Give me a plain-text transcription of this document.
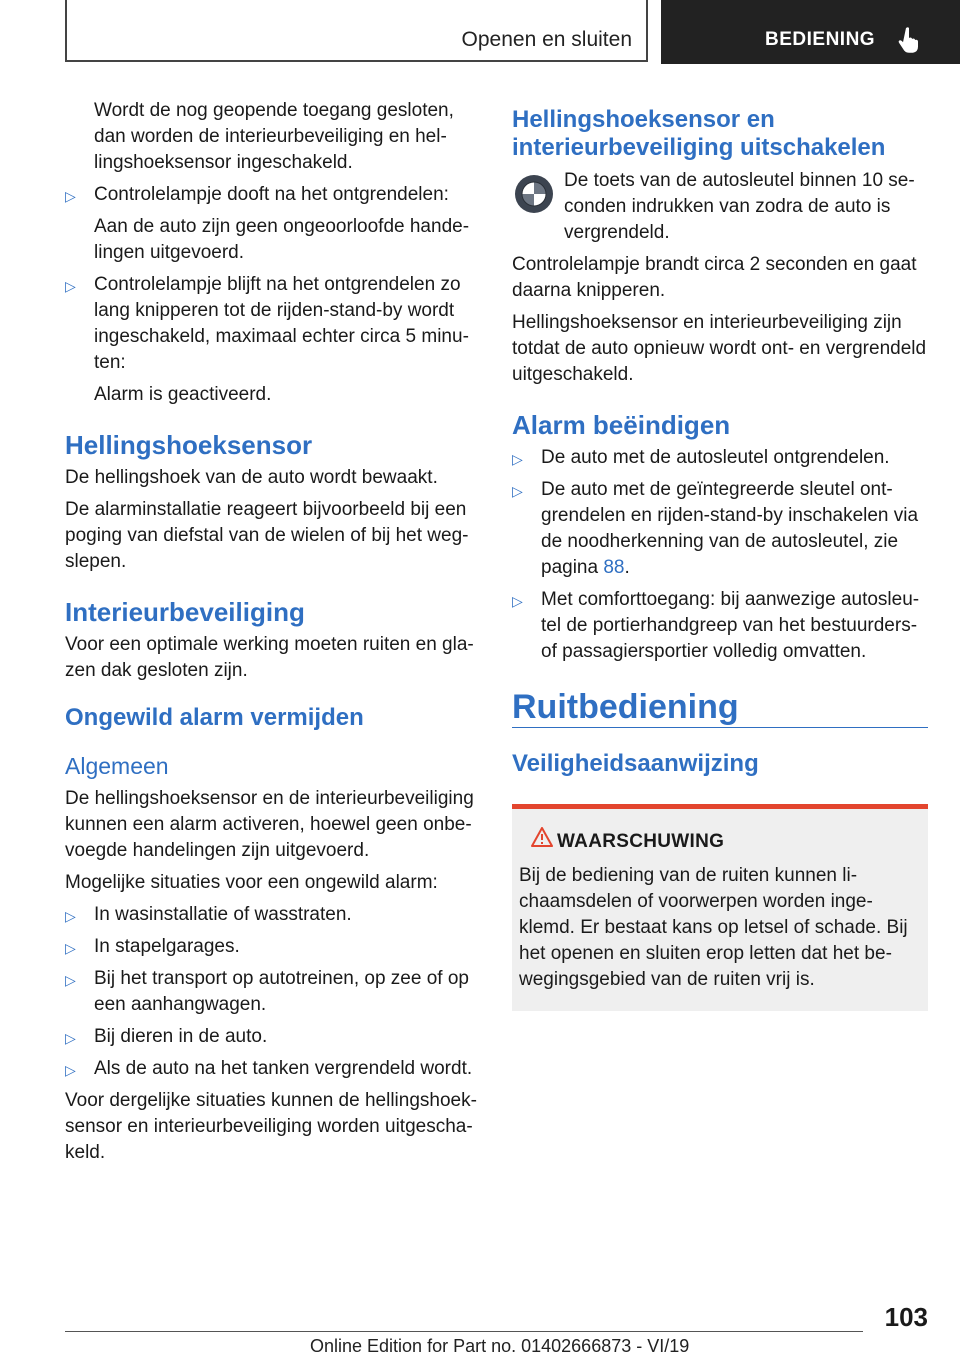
Openen en sluiten	BEDIENING

Wordt de nog geopende toegang gesloten, dan worden de interieurbeveiliging en hellingshoeksensor ingeschakeld.

▷ Controlelampje dooft na het ontgrendelen:

Aan de auto zijn geen ongeoorloofde handelingen uitgevoerd.

▷ Controlelampje blijft na het ontgrendelen zo lang knipperen tot de rijden-stand-by wordt ingeschakeld, maximaal echter circa 5 minuten:

Alarm is geactiveerd.

Hellingshoeksensor

De hellingshoek van de auto wordt bewaakt.

De alarminstallatie reageert bijvoorbeeld bij een poging van diefstal van de wielen of bij het wegslepen.

Interieurbeveiliging

Voor een optimale werking moeten ruiten en glazen dak gesloten zijn.

Ongewild alarm vermijden
Algemeen

De hellingshoeksensor en de interieurbeveiliging kunnen een alarm activeren, hoewel geen onbevoegde handelingen zijn uitgevoerd.

Mogelijke situaties voor een ongewild alarm:

▷ In wasinstallatie of wasstraten.
▷ In stapelgarages.
▷ Bij het transport op autotreinen, op zee of op een aanhangwagen.
▷ Bij dieren in de auto.
▷ Als de auto na het tanken vergrendeld wordt.

Voor dergelijke situaties kunnen de hellingshoeksensor en interieurbeveiliging worden uitgeschakeld.

Hellingshoeksensor en interieurbeveiliging uitschakelen

De toets van de autosleutel binnen 10 seconden indrukken van zodra de auto is vergrendeld.

Controlelampje brandt circa 2 seconden en gaat daarna knipperen.

Hellingshoeksensor en interieurbeveiliging zijn totdat de auto opnieuw wordt ont- en vergrendeld uitgeschakeld.

Alarm beëindigen
▷ De auto met de autosleutel ontgrendelen.
▷ De auto met de geïntegreerde sleutel ontgrendelen en rijden-stand-by inschakelen via de noodherkenning van de autosleutel, zie pagina 88.
▷ Met comforttoegang: bij aanwezige autosleutel de portierhandgreep van het bestuurders- of passagiersportier volledig omvatten.
Ruitbediening
Veiligheidsaanwijzing
WAARSCHUWING

Bij de bediening van de ruiten kunnen lichaamsdelen of voorwerpen worden ingeklemd. Er bestaat kans op letsel of schade. Bij het openen en sluiten erop letten dat het bewegingsgebied van de ruiten vrij is.

103
Online Edition for Part no. 01402666873 - VI/19
